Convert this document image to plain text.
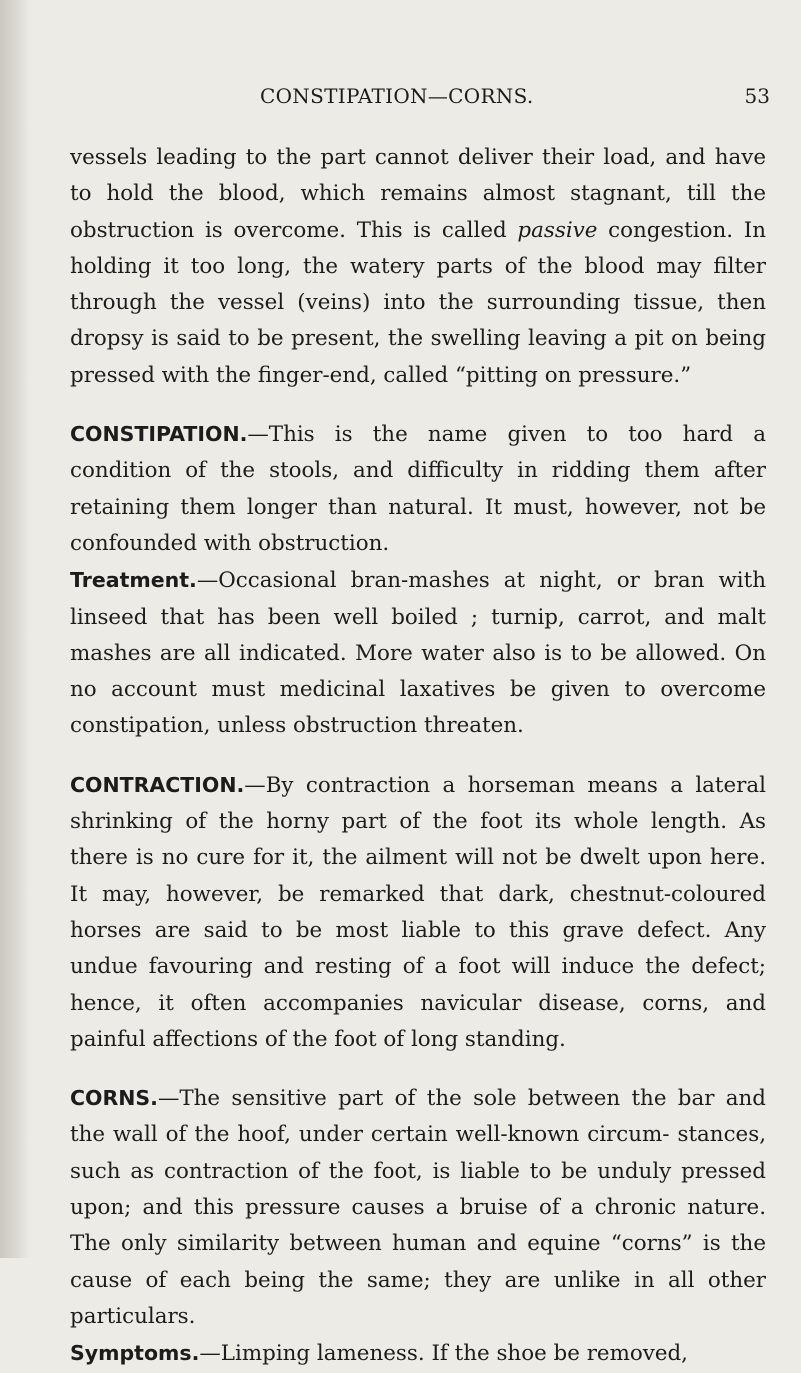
CONSTIPATION—CORNS.	53

vessels leading to the part cannot deliver their load, and have to hold the blood, which remains almost stagnant, till the obstruction is overcome. This is called passive congestion. In holding it too long, the watery parts of the blood may filter through the vessel (veins) into the surrounding tissue, then dropsy is said to be present, the swelling leaving a pit on being pressed with the finger-end, called “pitting on pressure.”

CONSTIPATION.—This is the name given to too hard a condition of the stools, and difficulty in ridding them after retaining them longer than natural. It must, however, not be confounded with obstruction.

Treatment.—Occasional bran-mashes at night, or bran with linseed that has been well boiled ; turnip, carrot, and malt mashes are all indicated. More water also is to be allowed. On no account must medicinal laxatives be given to overcome constipation, unless obstruction threaten.

CONTRACTION.—By contraction a horseman means a lateral shrinking of the horny part of the foot its whole length. As there is no cure for it, the ailment will not be dwelt upon here. It may, however, be remarked that dark, chestnut-coloured horses are said to be most liable to this grave defect. Any undue favouring and resting of a foot will induce the defect; hence, it often accompanies navicular disease, corns, and painful affections of the foot of long standing.

CORNS.—The sensitive part of the sole between the bar and the wall of the hoof, under certain well-known circum- stances, such as contraction of the foot, is liable to be unduly pressed upon; and this pressure causes a bruise of a chronic nature. The only similarity between human and equine “corns” is the cause of each being the same; they are unlike in all other particulars.

Symptoms.—Limping lameness. If the shoe be removed,
